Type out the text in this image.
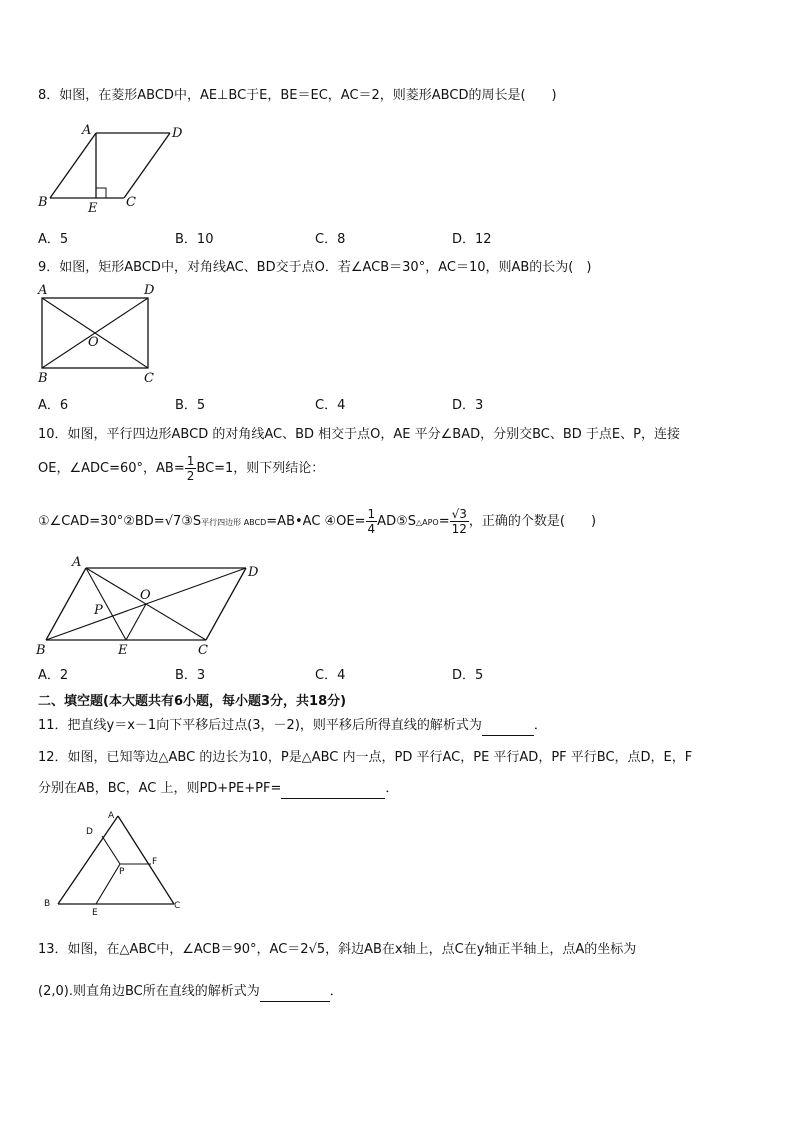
8．如图，在菱形ABCD中，AE⊥BC于E，BE＝EC，AC＝2，则菱形ABCD的周长是(　　)
A	D
B	E C
A．5	B．10	C．8	D．12
9．如图，矩形ABCD中，对角线AC、BD交于点O．若∠ACB＝30°，AC＝10，则AB的长为(　)
A	D
O
B	C
A．6	B．5	C．4	D．3
10．如图，平行四边形ABCD 的对角线AC、BD 相交于点O，AE 平分∠BAD，分别交BC、BD 于点E、P，连接
OE，∠ADC=60°，$AB= \frac{1}{2} BC=1$，则下列结论：
①∠CAD=30°②BD=√7③S平行四边形 ABCD=AB•AC ④OE= $\frac{1}{4}$ AD⑤S△APO= $\frac{√3}{12}$ ，正确的个数是(　　)
A
D
O
P
B	E	C
A．2	B．3	C．4	D．5
二、填空题(本大题共有6小题，每小题3分，共18分)
11．把直线y＝x－1向下平移后过点(3，－2)，则平移后所得直线的解析式为	．
12．如图，已知等边△ABC 的边长为10，P是△ABC 内一点，PD 平行AC，PE 平行AD，PF 平行BC，点D，E，F
分别在AB，BC，AC 上，则PD+PE+PF=	．
A
D
F
P
B
E
C
13．如图，在△ABC中，∠ACB＝90°，AC＝2√5，斜边AB在x轴上，点C在y轴正半轴上，点A的坐标为
(2,0).则直角边BC所在直线的解析式为	．
